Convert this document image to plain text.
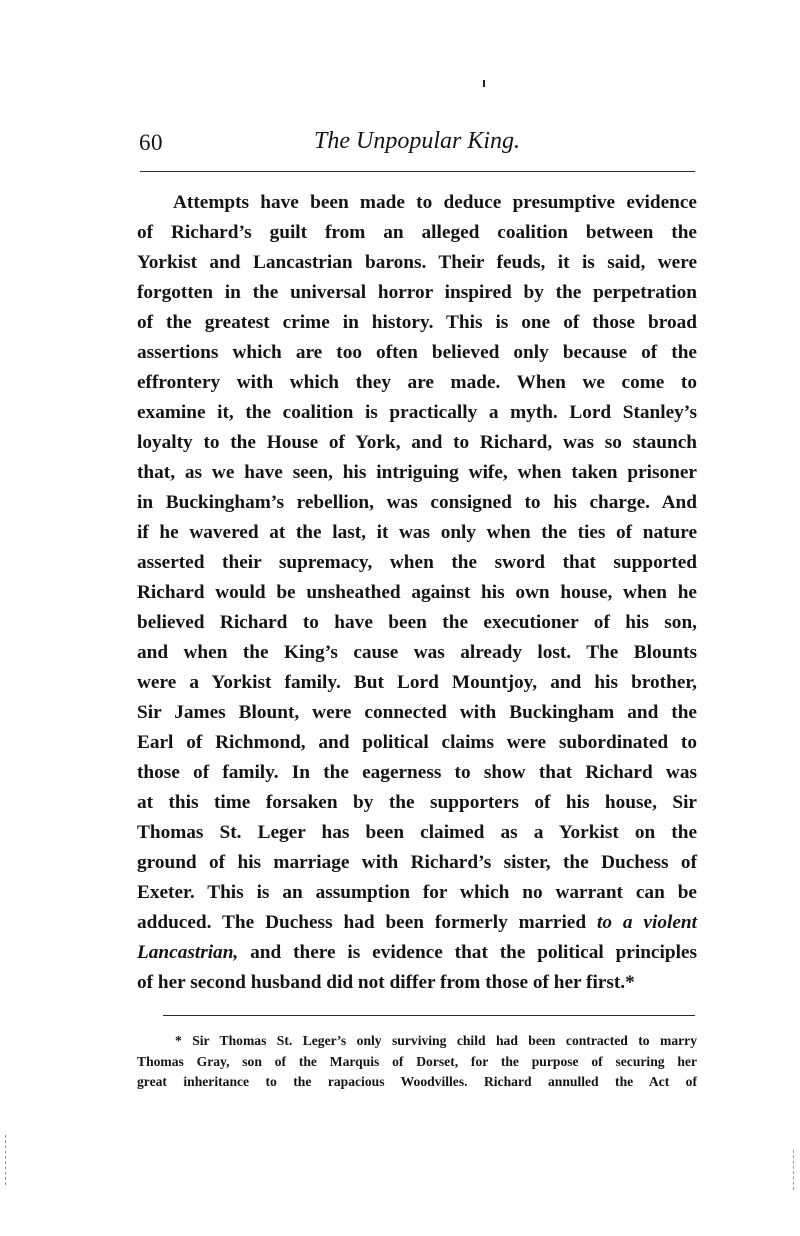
60	The Unpopular King.
Attempts have been made to deduce presumptive evidence
of Richard’s guilt from an alleged coalition between the
Yorkist and Lancastrian barons. Their feuds, it is said, were
forgotten in the universal horror inspired by the perpetration
of the greatest crime in history. This is one of those broad
assertions which are too often believed only because of the
effrontery with which they are made. When we come to
examine it, the coalition is practically a myth. Lord Stanley’s
loyalty to the House of York, and to Richard, was so staunch
that, as we have seen, his intriguing wife, when taken prisoner
in Buckingham’s rebellion, was consigned to his charge. And
if he wavered at the last, it was only when the ties of nature
asserted their supremacy, when the sword that supported
Richard would be unsheathed against his own house, when he
believed Richard to have been the executioner of his son,
and when the King’s cause was already lost. The Blounts
were a Yorkist family. But Lord Mountjoy, and his brother,
Sir James Blount, were connected with Buckingham and the
Earl of Richmond, and political claims were subordinated to
those of family. In the eagerness to show that Richard was
at this time forsaken by the supporters of his house, Sir
Thomas St. Leger has been claimed as a Yorkist on the
ground of his marriage with Richard’s sister, the Duchess of
Exeter. This is an assumption for which no warrant can be
adduced. The Duchess had been formerly married to a violent
Lancastrian, and there is evidence that the political principles
of her second husband did not differ from those of her first.*
* Sir Thomas St. Leger’s only surviving child had been contracted to marry
Thomas Gray, son of the Marquis of Dorset, for the purpose of securing her
great inheritance to the rapacious Woodvilles. Richard annulled the Act of
